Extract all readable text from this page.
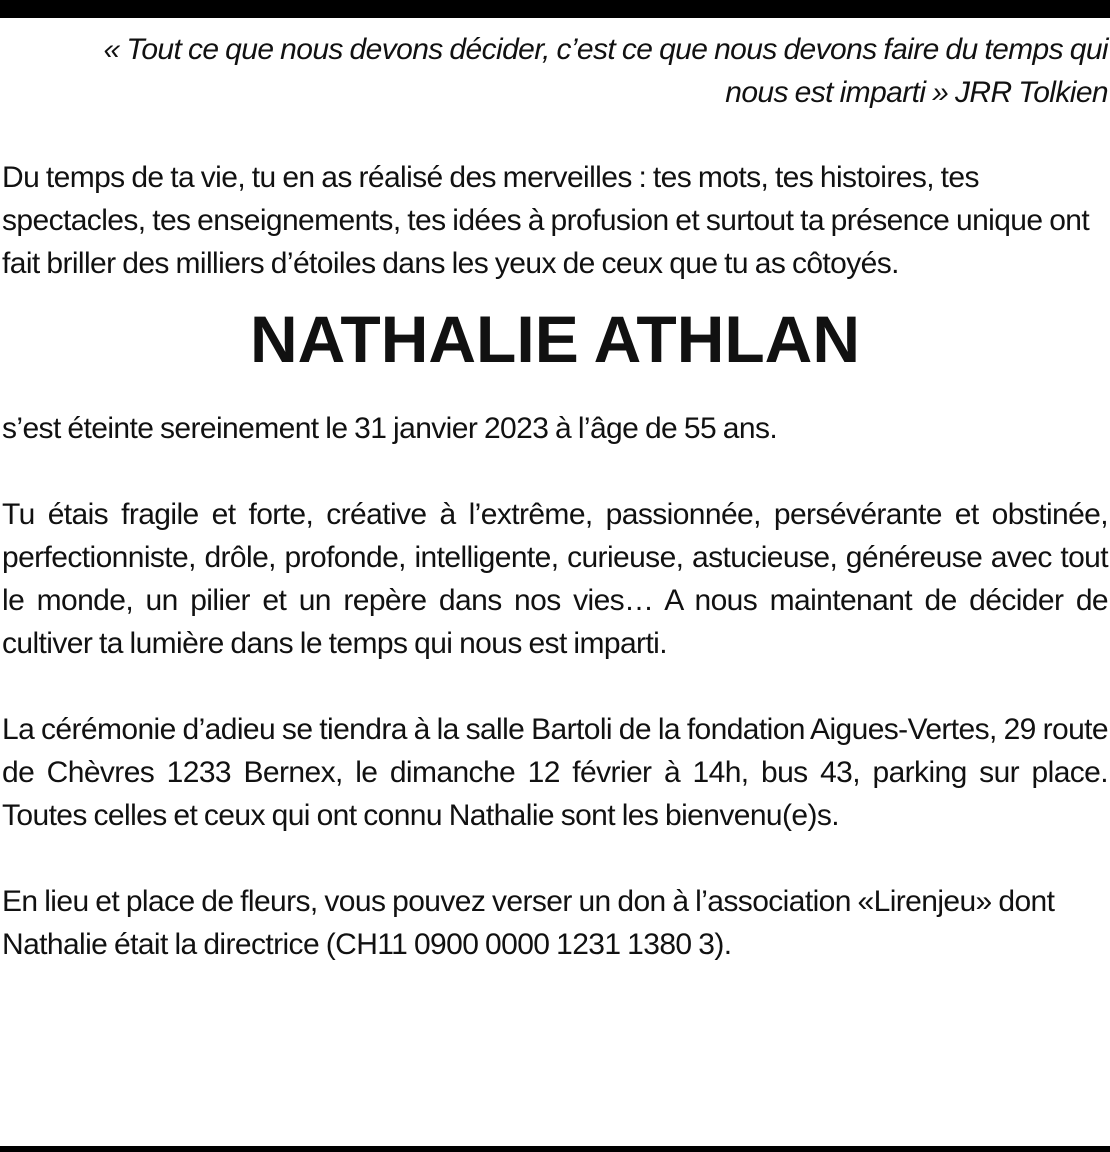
« Tout ce que nous devons décider, c’est ce que nous devons faire du temps qui
nous est imparti » JRR Tolkien

Du temps de ta vie, tu en as réalisé des merveilles : tes mots, tes histoires, tes spectacles, tes enseignements, tes idées à profusion et surtout ta présence unique ont fait briller des milliers d’étoiles dans les yeux de ceux que tu as côtoyés.

NATHALIE ATHLAN

s’est éteinte sereinement le 31 janvier 2023 à l’âge de 55 ans.

Tu étais fragile et forte, créative à l’extrême, passionnée, persévérante et obstinée, perfectionniste, drôle, profonde, intelligente, curieuse, astucieuse, généreuse avec tout le monde, un pilier et un repère dans nos vies… A nous maintenant de décider de cultiver ta lumière dans le temps qui nous est imparti.

La cérémonie d’adieu se tiendra à la salle Bartoli de la fondation Aigues-Vertes, 29 route de Chèvres 1233 Bernex, le dimanche 12 février à 14h, bus 43, parking sur place. Toutes celles et ceux qui ont connu Nathalie sont les bienvenu(e)s.

En lieu et place de fleurs, vous pouvez verser un don à l’association «Lirenjeu» dont Nathalie était la directrice (CH11 0900 0000 1231 1380 3).
